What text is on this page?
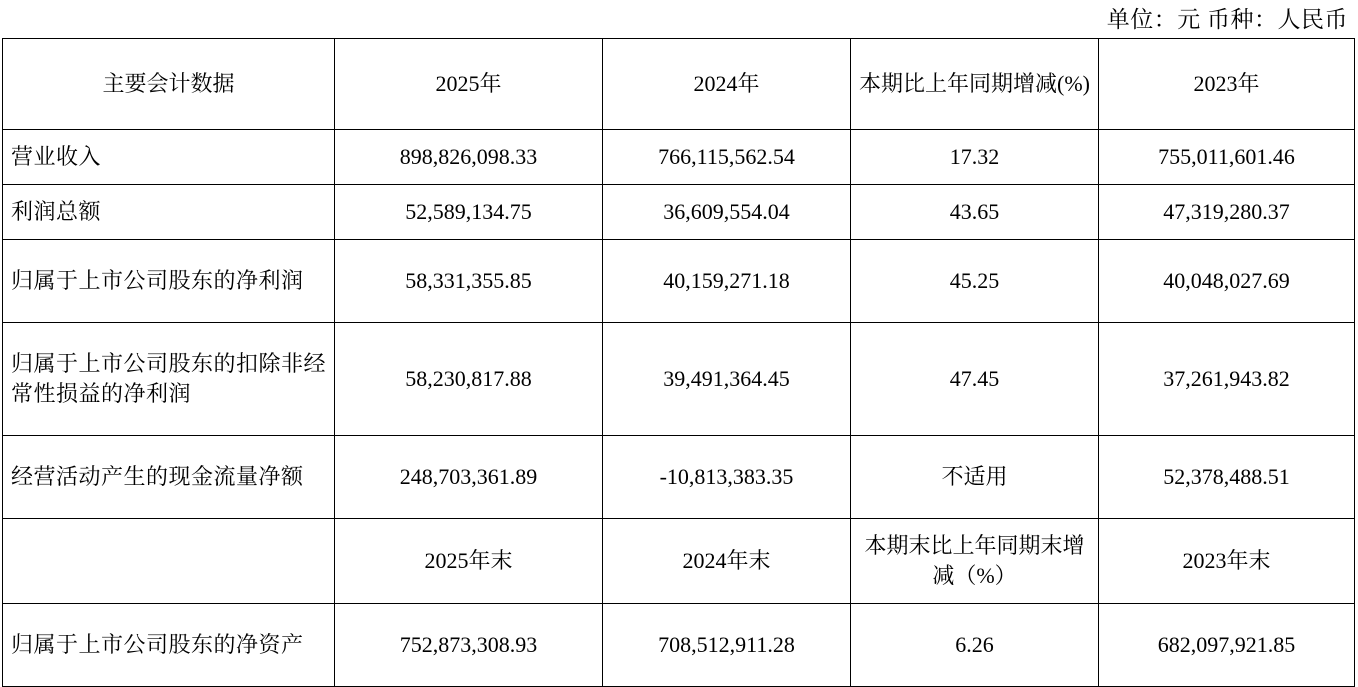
单位：元 币种：人民币
主要会计数据	2025年	2024年	本期比上年同期增减(%)	2023年
营业收入	898,826,098.33	766,115,562.54	17.32	755,011,601.46
利润总额	52,589,134.75	36,609,554.04	43.65	47,319,280.37
归属于上市公司股东的净利润	58,331,355.85	40,159,271.18	45.25	40,048,027.69
归属于上市公司股东的扣除非经常性损益的净利润	58,230,817.88	39,491,364.45	47.45	37,261,943.82
经营活动产生的现金流量净额	248,703,361.89	-10,813,383.35	不适用	52,378,488.51
	2025年末	2024年末	本期末比上年同期末增减（%）	2023年末
归属于上市公司股东的净资产	752,873,308.93	708,512,911.28	6.26	682,097,921.85
